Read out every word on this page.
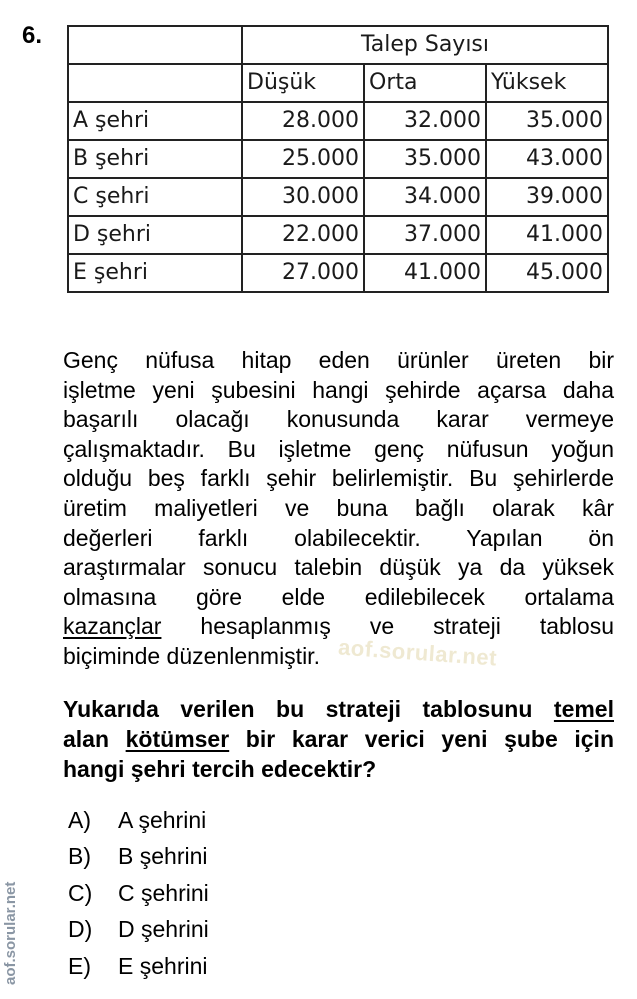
6.
		Talep Sayısı		
	Düşük	Orta	Yüksek
A şehri	28.000	32.000	35.000
B şehri	25.000	35.000	43.000
C şehri	30.000	34.000	39.000
D şehri	22.000	37.000	41.000
E şehri	27.000	41.000	45.000
Genç nüfusa hitap eden ürünler üreten bir
işletme yeni şubesini hangi şehirde açarsa daha
başarılı olacağı konusunda karar vermeye
çalışmaktadır. Bu işletme genç nüfusun yoğun
olduğu beş farklı şehir belirlemiştir. Bu şehirlerde
üretim maliyetleri ve buna bağlı olarak kâr
değerleri farklı olabilecektir. Yapılan ön
araştırmalar sonucu talebin düşük ya da yüksek
olmasına göre elde edilebilecek ortalama
kazançlar hesaplanmış ve strateji tablosu
biçiminde düzenlenmiştir. aof.sorular.net
Yukarıda verilen bu strateji tablosunu temel
alan kötümser bir karar verici yeni şube için
hangi şehri tercih edecektir?
A)	A şehrini
B)	B şehrini
C)	C şehrini
D)	D şehrini
E)	E şehrini
aof.sorular.net
